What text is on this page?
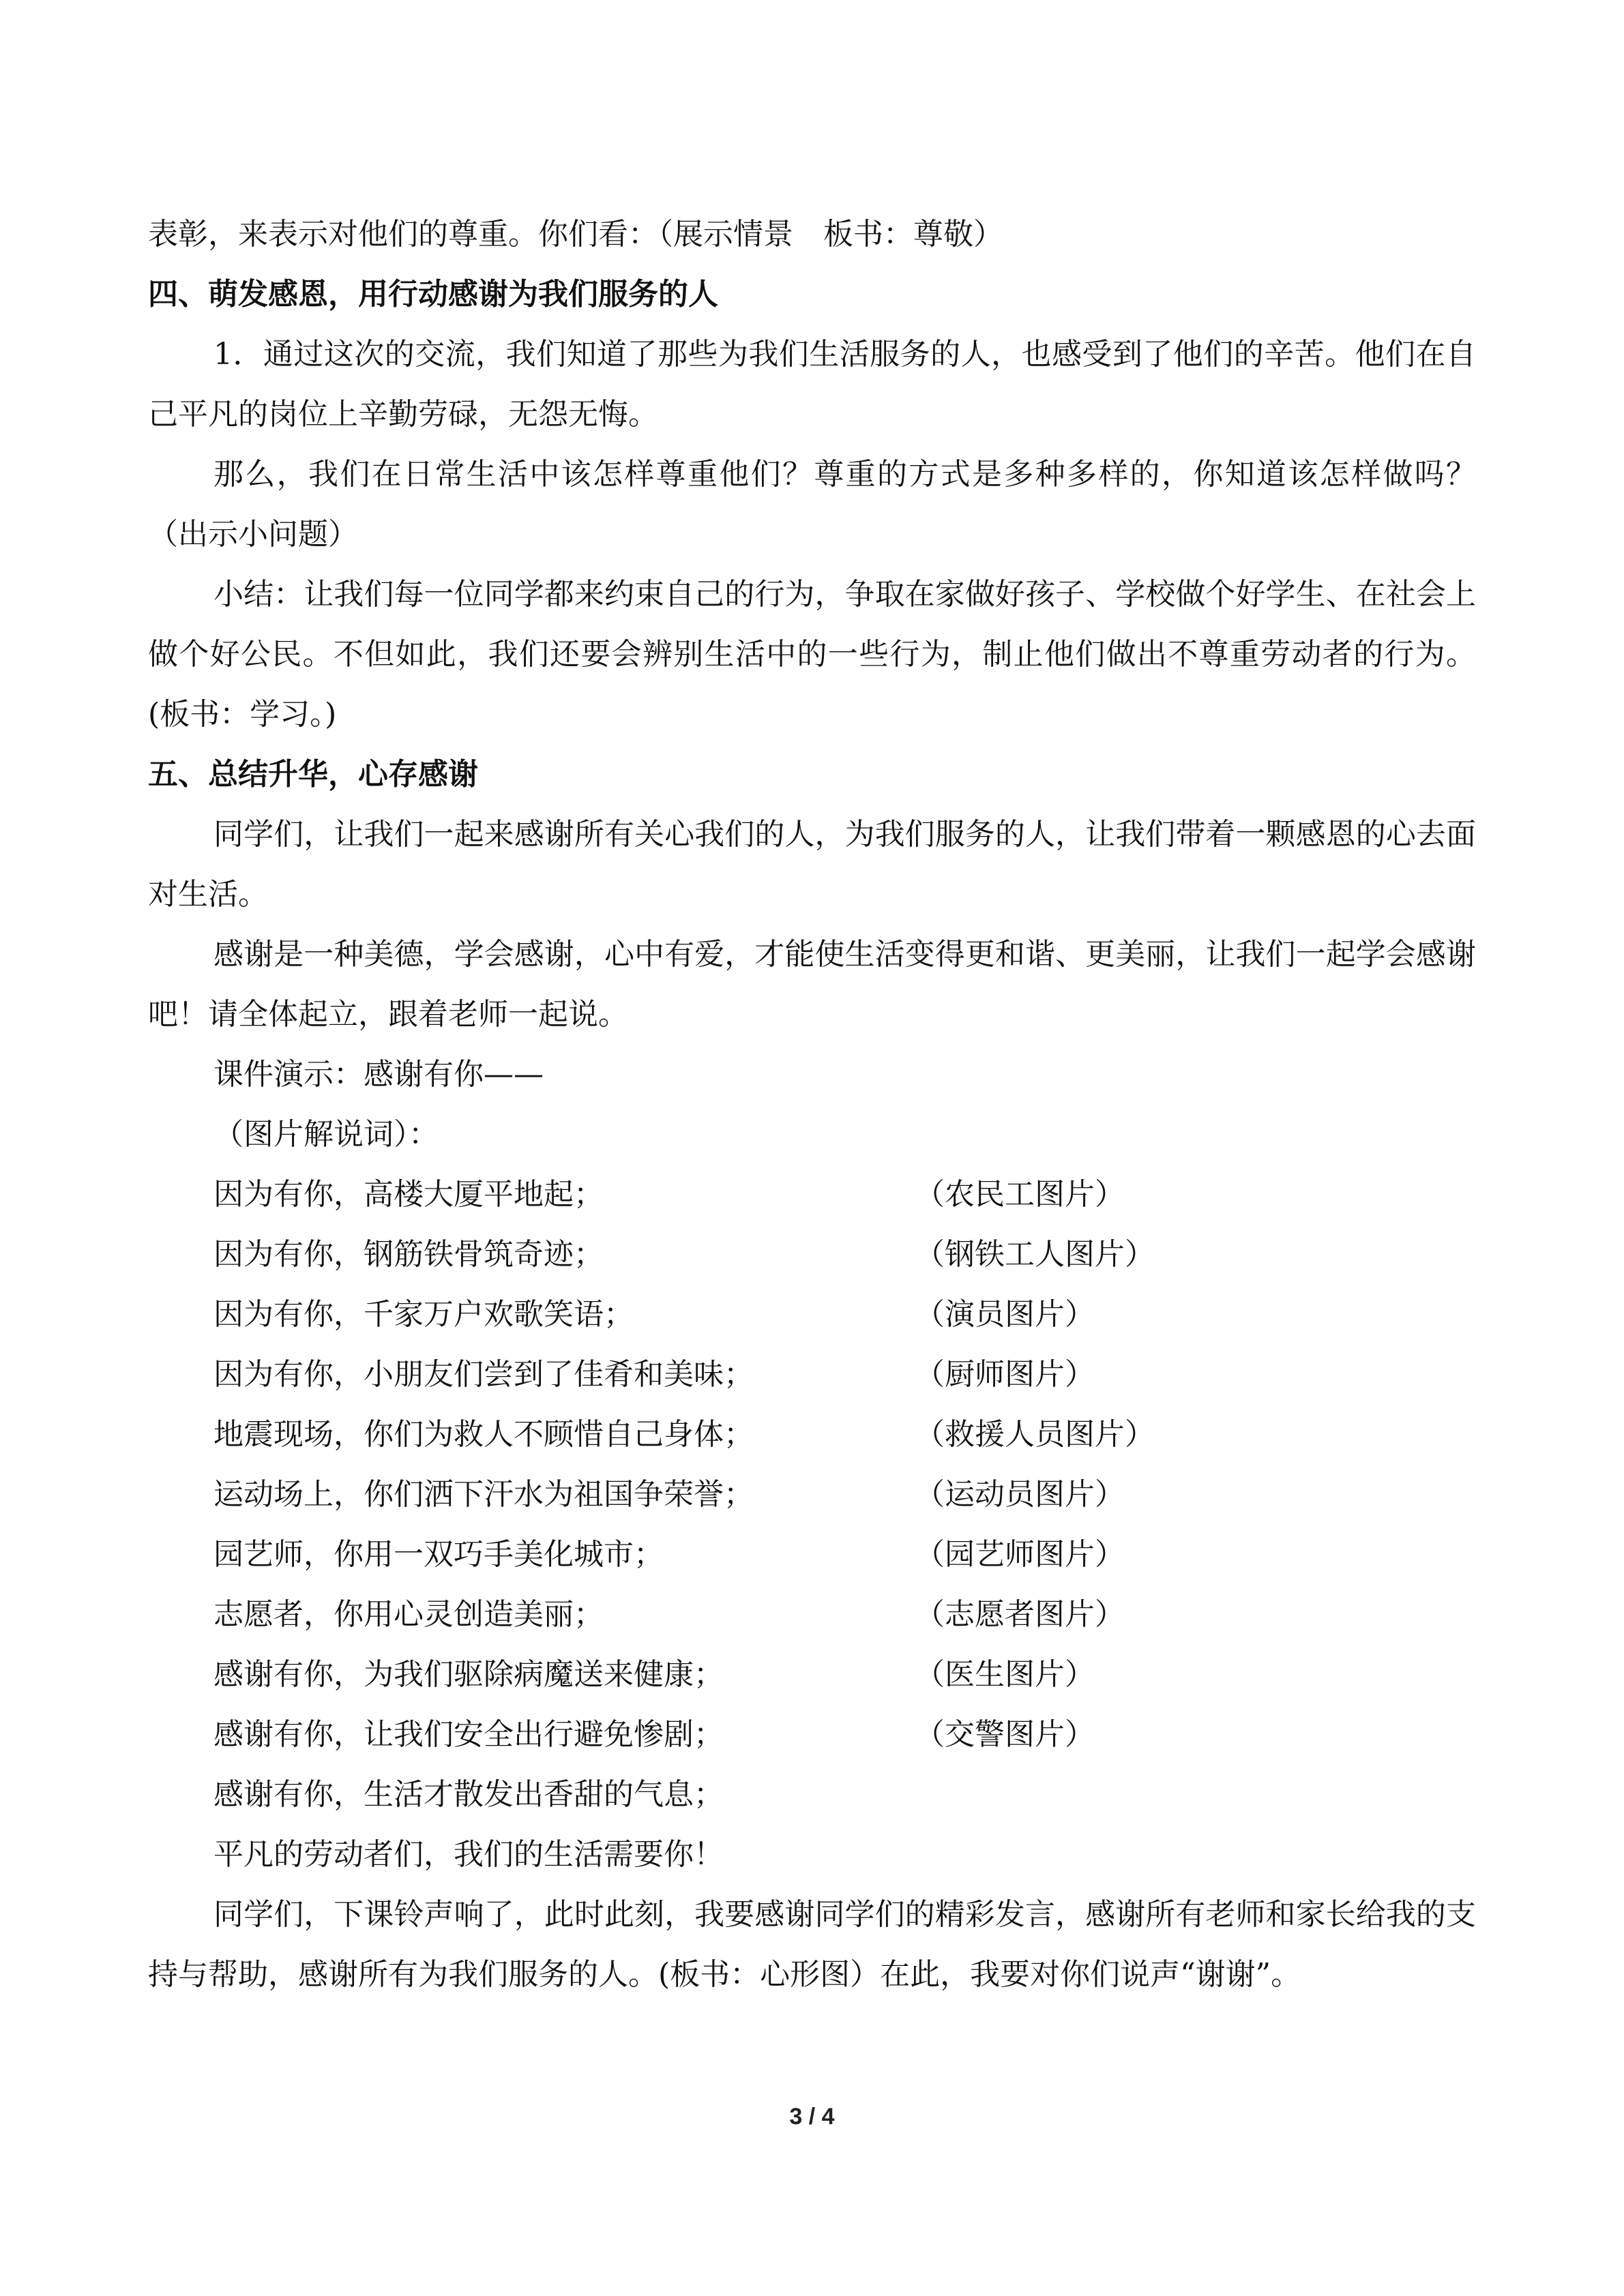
表彰，来表示对他们的尊重。你们看：（展示情景　板书：尊敬）
四、萌发感恩，用行动感谢为我们服务的人
1．通过这次的交流，我们知道了那些为我们生活服务的人，也感受到了他们的辛苦。他们在自己平凡的岗位上辛勤劳碌，无怨无悔。
那么，我们在日常生活中该怎样尊重他们？尊重的方式是多种多样的，你知道该怎样做吗？ （出示小问题）
小结：让我们每一位同学都来约束自己的行为，争取在家做好孩子、学校做个好学生、在社会上做个好公民。不但如此，我们还要会辨别生活中的一些行为，制止他们做出不尊重劳动者的行为。(板书：学习。)
五、总结升华，心存感谢
同学们，让我们一起来感谢所有关心我们的人，为我们服务的人，让我们带着一颗感恩的心去面对生活。
感谢是一种美德，学会感谢，心中有爱，才能使生活变得更和谐、更美丽，让我们一起学会感谢吧！请全体起立，跟着老师一起说。
课件演示：感谢有你——
（图片解说词）：
因为有你，高楼大厦平地起；	（农民工图片）
因为有你，钢筋铁骨筑奇迹；	（钢铁工人图片）
因为有你，千家万户欢歌笑语；	（演员图片）
因为有你，小朋友们尝到了佳肴和美味；	（厨师图片）
地震现场，你们为救人不顾惜自己身体；	（救援人员图片）
运动场上，你们洒下汗水为祖国争荣誉；	（运动员图片）
园艺师，你用一双巧手美化城市；	（园艺师图片）
志愿者，你用心灵创造美丽；	（志愿者图片）
感谢有你，为我们驱除病魔送来健康；	（医生图片）
感谢有你，让我们安全出行避免惨剧；	（交警图片）
感谢有你，生活才散发出香甜的气息；
平凡的劳动者们，我们的生活需要你！
同学们，下课铃声响了，此时此刻，我要感谢同学们的精彩发言，感谢所有老师和家长给我的支持与帮助，感谢所有为我们服务的人。(板书：心形图）在此，我要对你们说声“谢谢”。
3 / 4
